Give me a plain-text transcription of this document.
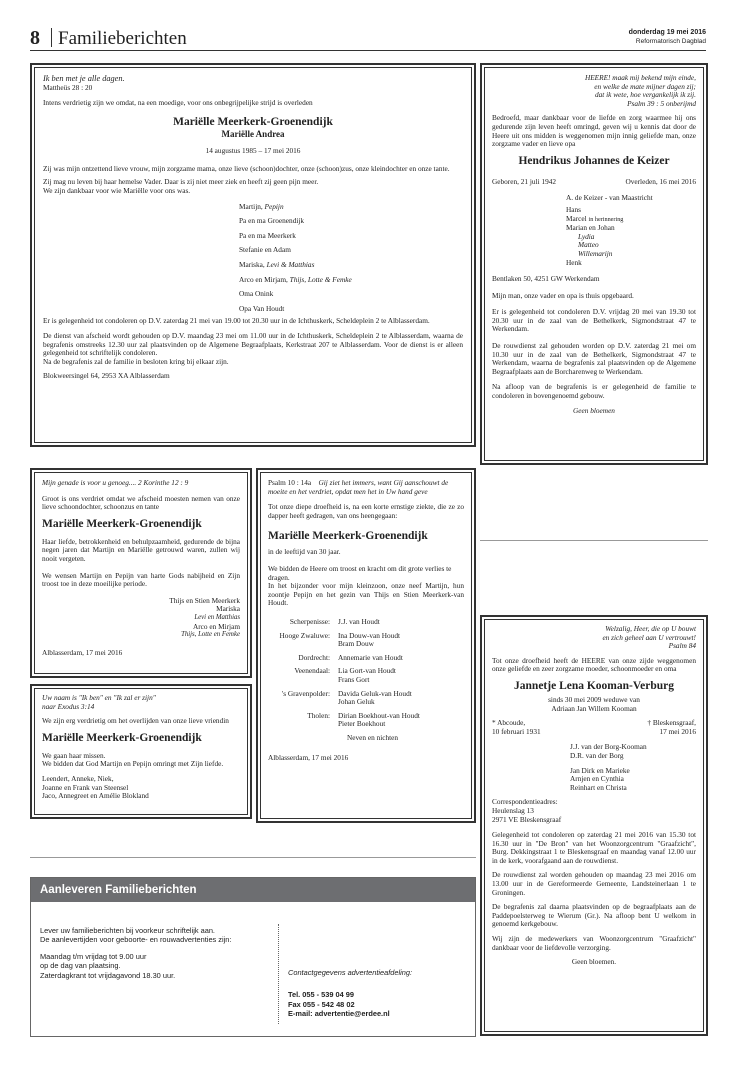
8 Familieberichten	donderdag 19 mei 2016
Reformatorisch Dagblad
Ik ben met je alle dagen.
Mattheüs 28 : 20
Intens verdrietig zijn we omdat, na een moedige, voor ons onbegrijpelijke strijd is overleden
Mariëlle Meerkerk-Groenendijk
Mariëlle Andrea
14 augustus 1985 – 17 mei 2016
Zij was mijn ontzettend lieve vrouw, mijn zorgzame mama, onze lieve (schoon)dochter, onze (schoon)zus, onze kleindochter en onze tante.
Zij mag nu leven bij haar hemelse Vader. Daar is zij niet meer ziek en heeft zij geen pijn meer.
We zijn dankbaar voor wie Mariëlle voor ons was.
Martijn, Pepijn
Pa en ma Groenendijk
Pa en ma Meerkerk
Stefanie en Adam
Mariska, Levi & Matthias
Arco en Mirjam, Thijs, Lotte & Femke
Oma Onink
Opa Van Houdt
Er is gelegenheid tot condoleren op D.V. zaterdag 21 mei van 19.00 tot 20.30 uur in de Ichthuskerk, Scheldeplein 2 te Alblasserdam.
De dienst van afscheid wordt gehouden op D.V. maandag 23 mei om 11.00 uur in de Ichthuskerk, Scheldeplein 2 te Alblasserdam, waarna de begrafenis omstreeks 12.30 uur zal plaatsvinden op de Algemene Begraafplaats, Kerkstraat 207 te Alblasserdam. Voor de dienst is er alleen gelegenheid tot schriftelijk condoleren.
Na de begrafenis zal de familie in besloten kring bij elkaar zijn.
Blokweersingel 64, 2953 XA Alblasserdam
HEERE! maak mij bekend mijn einde,
en welke de mate mijner dagen zij;
dat ik wete, hoe vergankelijk ik zij.
Psalm 39 : 5 onberijmd
Bedroefd, maar dankbaar voor de liefde en zorg waarmee hij ons gedurende zijn leven heeft omringd, geven wij u kennis dat door de Heere uit ons midden is weggenomen mijn innig geliefde man, onze zorgzame vader en lieve opa
Hendrikus Johannes de Keizer
Geboren, 21 juli 1942	Overleden, 16 mei 2016
A. de Keizer - van Maastricht
Hans
Marcel in herinnering
Marian en Johan
Lydia
Matteo
Willemarijn
Henk
Bentlaken 50, 4251 GW Werkendam
Mijn man, onze vader en opa is thuis opgebaard.
Er is gelegenheid tot condoleren D.V. vrijdag 20 mei van 19.30 tot 20.30 uur in de zaal van de Bethelkerk, Sigmondstraat 47 te Werkendam.
De rouwdienst zal gehouden worden op D.V. zaterdag 21 mei om 10.30 uur in de zaal van de Bethelkerk, Sigmondstraat 47 te Werkendam, waarna de begrafenis zal plaatsvinden op de Algemene Begraafplaats aan de Borcharenweg te Werkendam.
Na afloop van de begrafenis is er gelegenheid de familie te condoleren in bovengenoemd gebouw.
Geen bloemen
Mijn genade is voor u genoeg.... 2 Korinthe 12 : 9
Groot is ons verdriet omdat we afscheid moesten nemen van onze lieve schoondochter, schoonzus en tante
Mariëlle Meerkerk-Groenendijk
Haar liefde, betrokkenheid en behulpzaamheid, gedurende de bijna negen jaren dat Martijn en Mariëlle getrouwd waren, zullen wij nooit vergeten.
We wensen Martijn en Pepijn van harte Gods nabijheid en Zijn troost toe in deze moeilijke periode.
Thijs en Stien Meerkerk
Mariska
Levi en Matthias
Arco en Mirjam
Thijs, Lotte en Femke
Alblasserdam, 17 mei 2016
Uw naam is "Ik ben" en "Ik zal er zijn"
naar Exodus 3:14
We zijn erg verdrietig om het overlijden van onze lieve vriendin
Mariëlle Meerkerk-Groenendijk
We gaan haar missen.
We bidden dat God Martijn en Pepijn omringt met Zijn liefde.
Leendert, Anneke, Niek,
Joanne en Frank van Steensel
Jaco, Annegreet en Amélie Blokland
Psalm 10 : 14a Gij ziet het immers, want Gij aanschouwt de moeite en het verdriet, opdat men het in Uw hand geve
Tot onze diepe droefheid is, na een korte ernstige ziekte, die ze zo dapper heeft gedragen, van ons heengegaan:
Mariëlle Meerkerk-Groenendijk
in de leeftijd van 30 jaar.
We bidden de Heere om troost en kracht om dit grote verlies te dragen.
In het bijzonder voor mijn kleinzoon, onze neef Martijn, hun zoontje Pepijn en het gezin van Thijs en Stien Meerkerk-van Houdt.
Scherpenisse:	J.J. van Houdt
Hooge Zwaluwe:	Ina Douw-van Houdt
Bram Douw
Dordrecht:	Annemarie van Houdt
Veenendaal:	Lia Gort-van Houdt
Frans Gort
's Gravenpolder:	Davida Geluk-van Houdt
Johan Geluk
Tholen:	Dirian Boekhout-van Houdt
Pieter Boekhout
Neven en nichten
Alblasserdam, 17 mei 2016
Welzalig, Heer, die op U bouwt
en zich geheel aan U vertrouwt!
Psalm 84
Tot onze droefheid heeft de HEERE van onze zijde weggenomen onze geliefde en zeer zorgzame moeder, schoonmoeder en oma
Jannetje Lena Kooman-Verburg
sinds 30 mei 2009 weduwe van
Adriaan Jan Willem Kooman
* Abcoude,
10 februari 1931
† Bleskensgraaf,
17 mei 2016
J.J. van der Borg-Kooman
D.R. van der Borg
Jan Dirk en Marieke
Arnjen en Cynthia
Reinhart en Christa
Correspondentieadres:
Heulenslag 13
2971 VE Bleskensgraaf
Gelegenheid tot condoleren op zaterdag 21 mei 2016 van 15.30 tot 16.30 uur in "De Bron" van het Woonzorgcentrum "Graafzicht", Burg. Dekkingstraat 1 te Bleskensgraaf en maandag vanaf 12.00 uur in de kerk, voorafgaand aan de rouwdienst.
De rouwdienst zal worden gehouden op maandag 23 mei 2016 om 13.00 uur in de Gereformeerde Gemeente, Landsteinerlaan 1 te Groningen.
De begrafenis zal daarna plaatsvinden op de begraafplaats aan de Paddepoelsterweg te Wierum (Gr.). Na afloop bent U welkom in genoemd kerkgebouw.
Wij zijn de medewerkers van Woonzorgcentrum "Graafzicht" dankbaar voor de liefdevolle verzorging.
Geen bloemen.
Aanleveren Familieberichten
Lever uw familieberichten bij voorkeur schriftelijk aan.
De aanlevertijden voor geboorte- en rouwadvertenties zijn:
Maandag t/m vrijdag tot 9.00 uur
op de dag van plaatsing.
Zaterdagkrant tot vrijdagavond 18.30 uur.	Contactgegevens advertentieafdeling:
Tel. 055 - 539 04 99
Fax 055 - 542 48 02
E-mail: advertentie@erdee.nl
